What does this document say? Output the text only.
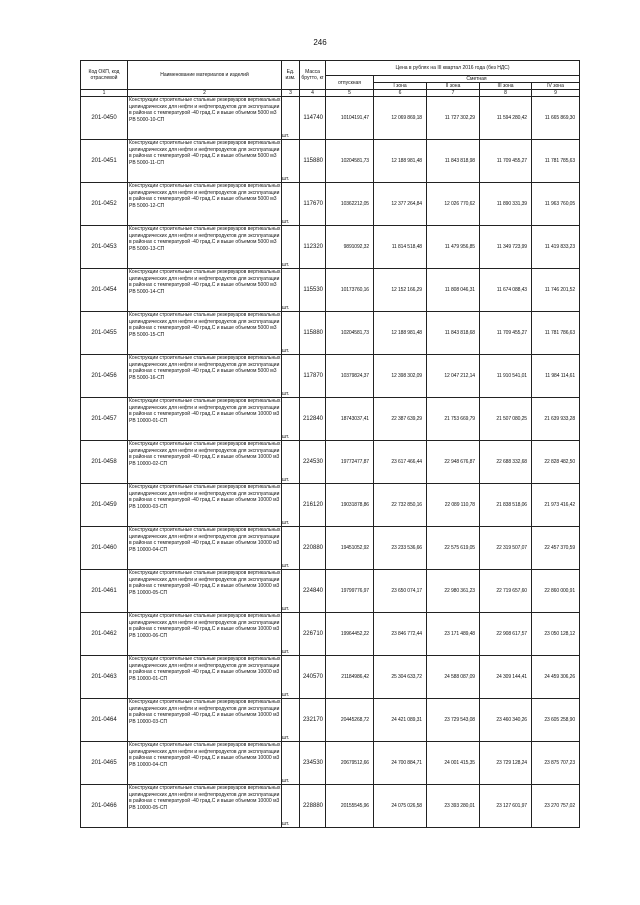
246
Код ОКП, код отраслевой	Наименование материалов и изделий	Ед. изм.	Масса брутто, кг	Цена в рублях на III квартал 2016 года (без НДС)				
				отпускная	Сметная			
					I зона	II зона	III зона	IV зона
1	2	3	4	5	6	7	8	9
201-0450	Конструкции строительные стальные резервуаров вертикальных цилиндрических для нефти и нефтепродуктов для эксплуатации в районах с температурой -40 град.С и выше объемом 5000 м3 РВ 5000-10-СП	шт.	114740	10104191,47	12 069 869,18	11 727 302,29	11 594 280,42	11 665 869,30
201-0451	Конструкции строительные стальные резервуаров вертикальных цилиндрических для нефти и нефтепродуктов для эксплуатации в районах с температурой -40 град.С и выше объемом 5000 м3 РВ 5000-11-СП	шт.	115880	10204581,73	12 188 981,48	11 843 818,98	11 709 455,27	11 781 785,63
201-0452	Конструкции строительные стальные резервуаров вертикальных цилиндрических для нефти и нефтепродуктов для эксплуатации в районах с температурой -40 град.С и выше объемом 5000 м3 РВ 5000-12-СП	шт.	117670	10362212,05	12 377 264,84	12 026 770,62	11 890 331,39	11 963 760,05
201-0453	Конструкции строительные стальные резервуаров вертикальных цилиндрических для нефти и нефтепродуктов для эксплуатации в районах с температурой -40 град.С и выше объемом 5000 м3 РВ 5000-13-СП	шт.	112320	9891092,32	11 814 518,48	11 479 956,85	11 349 723,99	11 419 833,23
201-0454	Конструкции строительные стальные резервуаров вертикальных цилиндрических для нефти и нефтепродуктов для эксплуатации в районах с температурой -40 град.С и выше объемом 5000 м3 РВ 5000-14-СП	шт.	115530	10173760,16	12 152 166,29	11 808 046,31	11 674 088,43	11 746 201,52
201-0455	Конструкции строительные стальные резервуаров вертикальных цилиндрических для нефти и нефтепродуктов для эксплуатации в районах с температурой -40 град.С и выше объемом 5000 м3 РВ 5000-15-СП	шт.	115880	10204581,73	12 188 981,48	11 843 818,68	11 709 455,27	11 781 786,63
201-0456	Конструкции строительные стальные резервуаров вертикальных цилиндрических для нефти и нефтепродуктов для эксплуатации в районах с температурой -40 град.С и выше объемом 5000 м3 РВ 5000-16-СП	шт.	117870	10379824,37	12 398 302,09	12 047 212,14	11 910 541,01	11 984 114,61
201-0457	Конструкции строительные стальные резервуаров вертикальных цилиндрических для нефти и нефтепродуктов для эксплуатации в районах с температурой -40 град.С и выше объемом 10000 м3 РВ 10000-01-СП	шт.	212840	18743037,41	22 387 639,29	21 753 669,79	21 507 080,25	21 639 933,28
201-0458	Конструкции строительные стальные резервуаров вертикальных цилиндрических для нефти и нефтепродуктов для эксплуатации в районах с температурой -40 град.С и выше объемом 10000 м3 РВ 10000-02-СП	шт.	224530	19772477,87	23 617 466,44	22 948 676,87	22 688 332,68	22 828 482,50
201-0459	Конструкции строительные стальные резервуаров вертикальных цилиндрических для нефти и нефтепродуктов для эксплуатации в районах с температурой -40 град.С и выше объемом 10000 м3 РВ 10000-03-СП	шт.	216120	19031878,86	22 732 850,16	22 089 110,78	21 838 518,06	21 973 416,42
201-0460	Конструкции строительные стальные резервуаров вертикальных цилиндрических для нефти и нефтепродуктов для эксплуатации в районах с температурой -40 град.С и выше объемом 10000 м3 РВ 10000-04-СП	шт.	220880	19451052,92	23 233 536,66	22 575 619,05	22 319 507,07	22 457 370,59
201-0461	Конструкции строительные стальные резервуаров вертикальных цилиндрических для нефти и нефтепродуктов для эксплуатации в районах с температурой -40 град.С и выше объемом 10000 м3 РВ 10000-05-СП	шт.	224840	19799776,97	23 650 074,17	22 980 361,23	22 719 657,60	22 860 000,91
201-0462	Конструкции строительные стальные резервуаров вертикальных цилиндрических для нефти и нефтепродуктов для эксплуатации в районах с температурой -40 град.С и выше объемом 10000 м3 РВ 10000-06-СП	шт.	226710	19964452,22	23 846 772,44	23 171 489,48	22 908 617,57	23 050 128,12
201-0463	Конструкции строительные стальные резервуаров вертикальных цилиндрических для нефти и нефтепродуктов для эксплуатации в районах с температурой -40 град.С и выше объемом 10000 м3 РВ 10000-01-СП	шт.	240570	21184986,42	25 304 633,72	24 588 087,09	24 309 144,41	24 459 306,26
201-0464	Конструкции строительные стальные резервуаров вертикальных цилиндрических для нефти и нефтепродуктов для эксплуатации в районах с температурой -40 град.С и выше объемом 10000 м3 РВ 10000-03-СП	шт.	232170	20445268,72	24 421 089,31	23 729 543,08	23 460 340,26	23 605 258,90
201-0465	Конструкции строительные стальные резервуаров вертикальных цилиндрических для нефти и нефтепродуктов для эксплуатации в районах с температурой -40 град.С и выше объемом 10000 м3 РВ 10000-04-СП	шт.	234530	20679512,66	24 700 884,71	24 001 415,35	23 729 128,24	23 875 707,23
201-0466	Конструкции строительные стальные резервуаров вертикальных цилиндрических для нефти и нефтепродуктов для эксплуатации в районах с температурой -40 град.С и выше объемом 10000 м3 РВ 10000-05-СП	шт.	228880	20155545,96	24 075 026,58	23 393 280,01	23 127 601,97	23 270 757,02
